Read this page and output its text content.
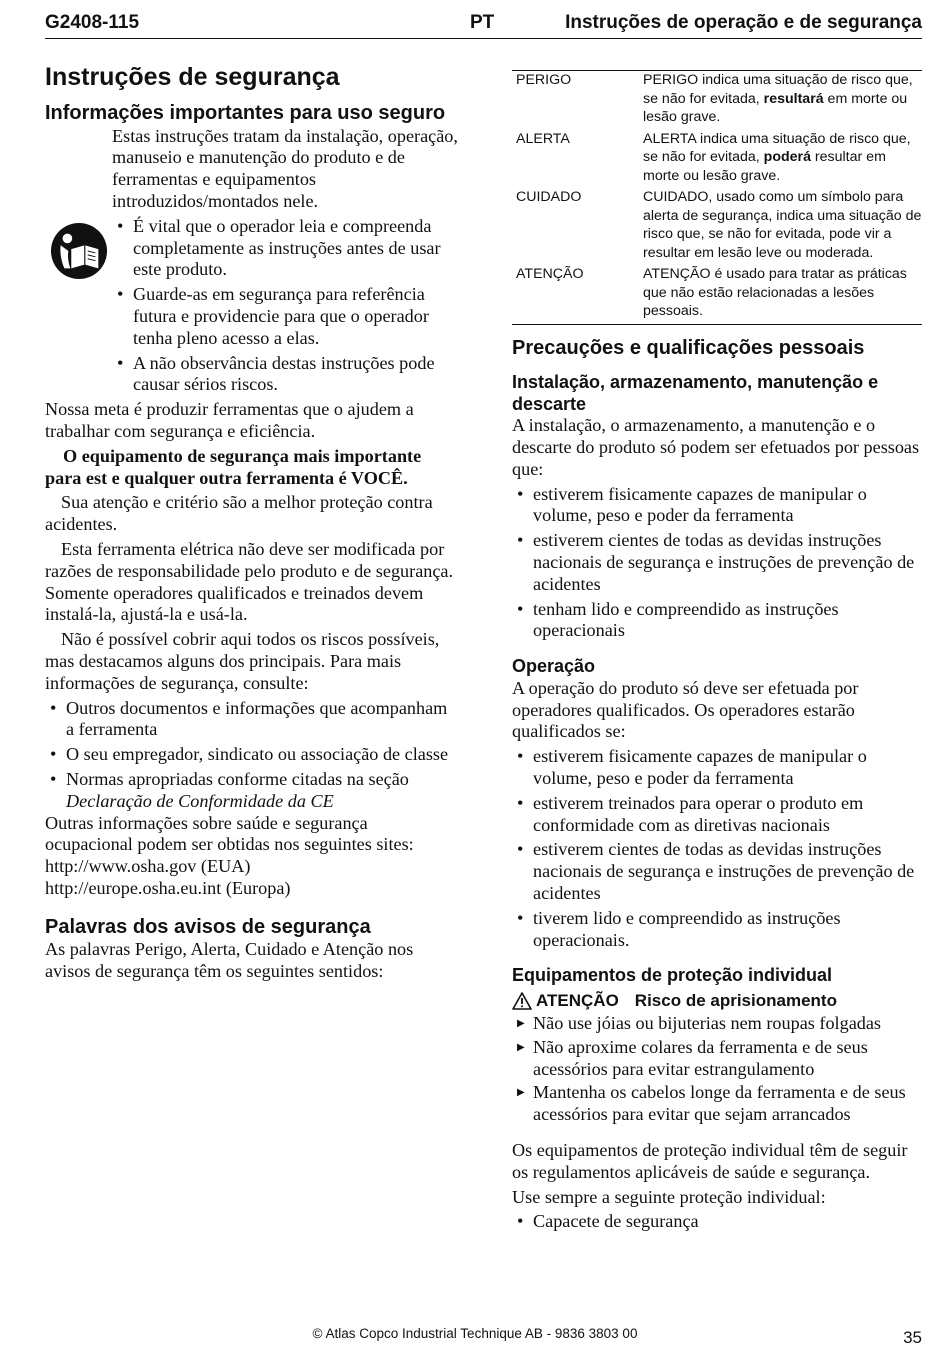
G2408-115	PT	Instruções de operação e de segurança
Instruções de segurança
Informações importantes para uso seguro

Estas instruções tratam da instalação, operação, manuseio e manutenção do produto e de ferramentas e equipamentos introduzidos/montados nele.

• É vital que o operador leia e compreenda completamente as instruções antes de usar este produto.
• Guarde-as em segurança para referência futura e providencie para que o operador tenha pleno acesso a elas.
• A não observância destas instruções pode causar sérios riscos.

Nossa meta é produzir ferramentas que o ajudem a trabalhar com segurança e eficiência.

O equipamento de segurança mais importante para est e qualquer outra ferramenta é VOCÊ.

Sua atenção e critério são a melhor proteção contra acidentes.

Esta ferramenta elétrica não deve ser modificada por razões de responsabilidade pelo produto e de segurança. Somente operadores qualificados e treinados devem instalá-la, ajustá-la e usá-la.

Não é possível cobrir aqui todos os riscos possíveis, mas destacamos alguns dos principais. Para mais informações de segurança, consulte:

• Outros documentos e informações que acompanham a ferramenta
• O seu empregador, sindicato ou associação de classe
• Normas apropriadas conforme citadas na seção Declaração de Conformidade da CE

Outras informações sobre saúde e segurança ocupacional podem ser obtidas nos seguintes sites:

http://www.osha.gov (EUA)

http://europe.osha.eu.int (Europa)

Palavras dos avisos de segurança

As palavras Perigo, Alerta, Cuidado e Atenção nos avisos de segurança têm os seguintes sentidos:

PERIGO	PERIGO indica uma situação de risco que, se não for evitada, resultará em morte ou lesão grave.
ALERTA	ALERTA indica uma situação de risco que, se não for evitada, poderá resultar em morte ou lesão grave.
CUIDADO	CUIDADO, usado como um símbolo para alerta de segurança, indica uma situação de risco que, se não for evitada, pode vir a resultar em lesão leve ou moderada.
ATENÇÃO	ATENÇÃO é usado para tratar as práticas que não estão relacionadas a lesões pessoais.
Precauções e qualificações pessoais
Instalação, armazenamento, manutenção e descarte

A instalação, o armazenamento, a manutenção e o descarte do produto só podem ser efetuados por pessoas que:

• estiverem fisicamente capazes de manipular o volume, peso e poder da ferramenta
• estiverem cientes de todas as devidas instruções nacionais de segurança e instruções de prevenção de acidentes
• tenham lido e compreendido as instruções operacionais
Operação

A operação do produto só deve ser efetuada por operadores qualificados. Os operadores estarão qualificados se:

• estiverem fisicamente capazes de manipular o volume, peso e poder da ferramenta
• estiverem treinados para operar o produto em conformidade com as diretivas nacionais
• estiverem cientes de todas as devidas instruções nacionais de segurança e instruções de prevenção de acidentes
• tiverem lido e compreendido as instruções operacionais.
Equipamentos de proteção individual
ATENÇÃO Risco de aprisionamento
▶ Não use jóias ou bijuterias nem roupas folgadas
▶ Não aproxime colares da ferramenta e de seus acessórios para evitar estrangulamento
▶ Mantenha os cabelos longe da ferramenta e de seus acessórios para evitar que sejam arrancados

Os equipamentos de proteção individual têm de seguir os regulamentos aplicáveis de saúde e segurança.

Use sempre a seguinte proteção individual:

• Capacete de segurança
© Atlas Copco Industrial Technique AB - 9836 3803 00	35
